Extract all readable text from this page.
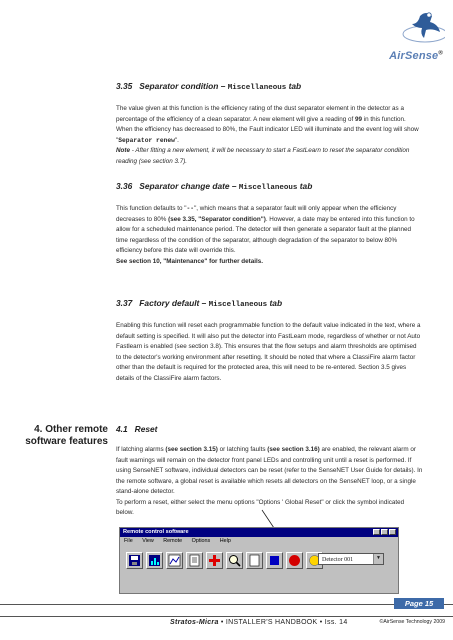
AirSense®

3.35 Separator condition – Miscellaneous tab

The value given at this function is the efficiency rating of the dust separator element in the detector as a percentage of the efficiency of a clean separator. A new element will give a reading of 99 in this function. When the efficiency has decreased to 80%, the Fault indicator LED will illuminate and the event log will show "Separator renew".

Note - After fitting a new element, it will be necessary to start a FastLearn to reset the separator condition reading (see section 3.7).

3.36 Separator change date – Miscellaneous tab

This function defaults to "--", which means that a separator fault will only appear when the efficiency decreases to 80% (see 3.35, "Separator condition"). However, a date may be entered into this function to allow for a scheduled maintenance period. The detector will then generate a separator fault at the planned time regardless of the condition of the separator, although degradation of the separator to below 80% efficiency before this date will override this.

See section 10, "Maintenance" for further details.

3.37 Factory default – Miscellaneous tab

Enabling this function will reset each programmable function to the default value indicated in the text, where a default setting is specified. It will also put the detector into FastLearn mode, regardless of whether or not Auto Fastlearn is enabled (see section 3.8). This ensures that the flow setups and alarm thresholds are optimised to the detector's working environment after resetting. It should be noted that where a ClassiFire alarm factor other than the default is required for the protected area, this will need to be re-entered. Section 3.5 gives details of the ClassiFire alarm factors.

4. Other remote
software features

4.1 Reset

If latching alarms (see section 3.15) or latching faults (see section 3.16) are enabled, the relevant alarm or fault warnings will remain on the detector front panel LEDs and controlling unit until a reset is performed. If using SenseNET software, individual detectors can be reset (refer to the SenseNET User Guide for details). In the remote software, a global reset is available which resets all detectors on the SenseNET loop, or a single stand-alone detector.

To perform a reset, either select the menu options "Options ' Global Reset" or click the symbol indicated below.

Remote control software
File View Remote Options Help
Detector 001	▼
Page 15
Stratos-Micra • INSTALLER'S HANDBOOK • Iss. 14	©AirSense Technology 2009
